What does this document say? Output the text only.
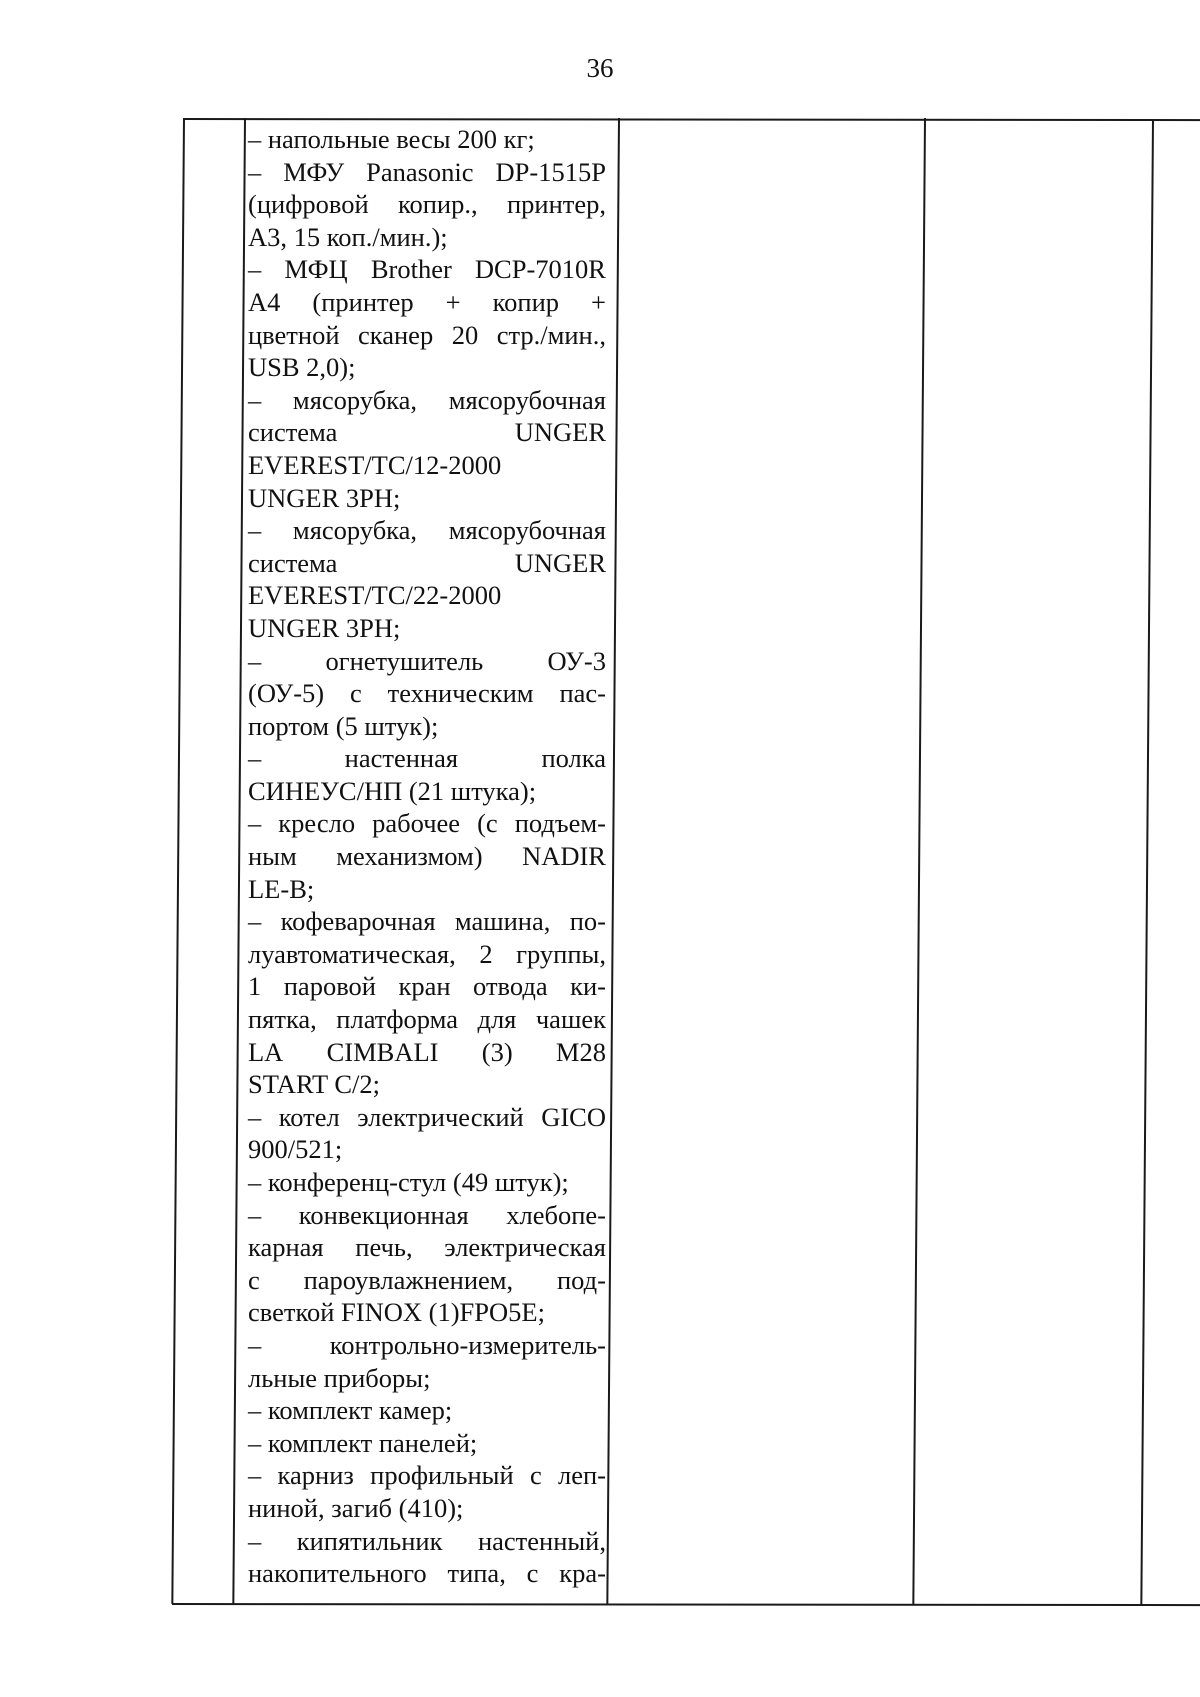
36
– напольные весы 200 кг;
– МФУ Panasonic DP-1515P
(цифровой копир., принтер,
А3, 15 коп./мин.);
– МФЦ Brother DCP-7010R
А4 (принтер + копир +
цветной сканер 20 стр./мин.,
USB 2,0);
– мясорубка, мясорубочная
система	UNGER
EVEREST/TC/12-2000
UNGER 3PH;
– мясорубка, мясорубочная
система	UNGER
EVEREST/TC/22-2000
UNGER 3PH;
– огнетушитель ОУ-3
(ОУ-5) с техническим пас-
портом (5 штук);
–	настенная	полка
СИНЕУС/НП (21 штука);
– кресло рабочее (с подъем-
ным механизмом) NADIR
LE-B;
– кофеварочная машина, по-
луавтоматическая, 2 группы,
1 паровой кран отвода ки-
пятка, платформа для чашек
LA CIMBALI (3) M28
START C/2;
– котел электрический GICO
900/521;
– конференц-стул (49 штук);
– конвекционная хлебопе-
карная печь, электрическая
с пароувлажнением, под-
светкой FINOX (1)FPO5E;
–	контрольно-измеритель-
льные приборы;
– комплект камер;
– комплект панелей;
– карниз профильный с леп-
ниной, загиб (410);
– кипятильник настенный,
накопительного типа, с кра-
